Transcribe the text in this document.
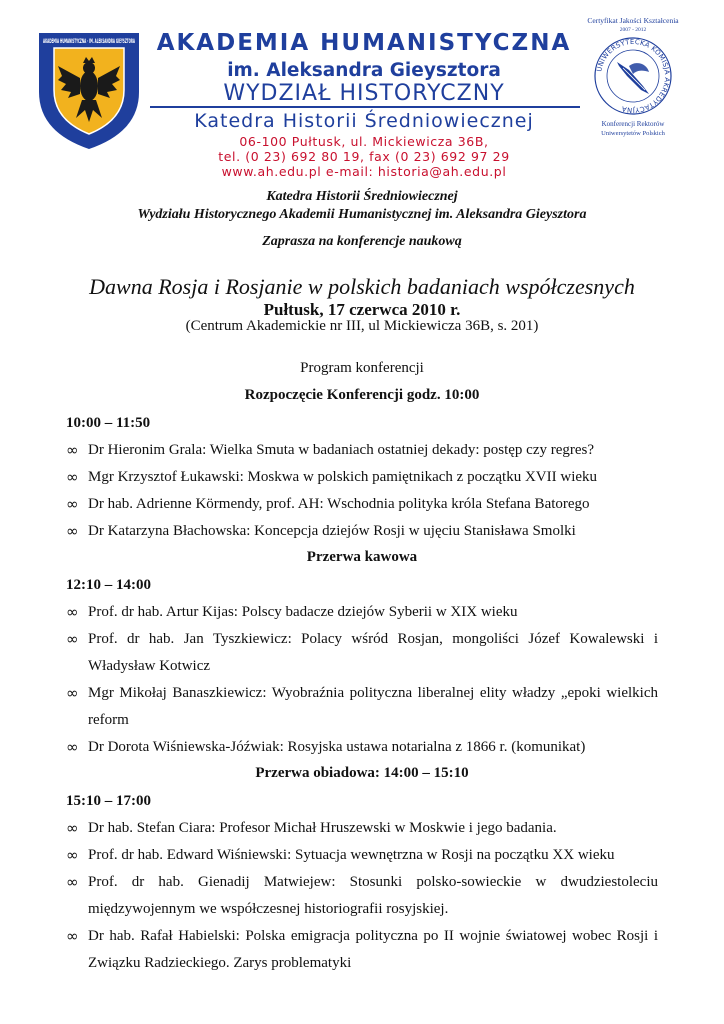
AKADEMIA HUMANISTYCZNA · IM. ALEKSANDRA GIEYSZTORA AKADEMIA HUMANISTYCZNA
im. Aleksandra Gieysztora
WYDZIAŁ HISTORYCZNY
Katedra Historii Średniowiecznej
06-100 Pułtusk, ul. Mickiewicza 36B,
tel. (0 23) 692 80 19, fax (0 23) 692 97 29
www.ah.edu.pl e-mail: historia@ah.edu.pl
Certyfikat Jakości Kształcenia
2007 - 2012
UNIWERSYTECKA KOMISJA AKREDYTACYJNA
Konferencji Rektorów
Uniwersytetów Polskich
Katedra Historii Średniowiecznej
Wydziału Historycznego Akademii Humanistycznej im. Aleksandra Gieysztora
Zaprasza na konferencje naukową
Dawna Rosja i Rosjanie w polskich badaniach współczesnych
Pułtusk, 17 czerwca 2010 r.
(Centrum Akademickie nr III, ul Mickiewicza 36B, s. 201)
Program konferencji
Rozpoczęcie Konferencji godz. 10:00
10:00 – 11:50
∞ Dr Hieronim Grala: Wielka Smuta w badaniach ostatniej dekady: postęp czy regres?
∞ Mgr Krzysztof Łukawski: Moskwa w polskich pamiętnikach z początku XVII wieku
∞ Dr hab. Adrienne Körmendy, prof. AH: Wschodnia polityka króla Stefana Batorego
∞ Dr Katarzyna Błachowska: Koncepcja dziejów Rosji w ujęciu Stanisława Smolki
Przerwa kawowa
12:10 – 14:00
∞ Prof. dr hab. Artur Kijas: Polscy badacze dziejów Syberii w XIX wieku
∞ Prof. dr hab. Jan Tyszkiewicz: Polacy wśród Rosjan, mongoliści Józef Kowalewski i Władysław Kotwicz
∞ Mgr Mikołaj Banaszkiewicz: Wyobraźnia polityczna liberalnej elity władzy „epoki wielkich reform
∞ Dr Dorota Wiśniewska-Jóźwiak: Rosyjska ustawa notarialna z 1866 r. (komunikat)
Przerwa obiadowa: 14:00 – 15:10
15:10 – 17:00
∞ Dr hab. Stefan Ciara: Profesor Michał Hruszewski w Moskwie i jego badania.
∞ Prof. dr hab. Edward Wiśniewski: Sytuacja wewnętrzna w Rosji na początku XX wieku
∞ Prof. dr hab. Gienadij Matwiejew: Stosunki polsko-sowieckie w dwudziestoleciu międzywojennym we współczesnej historiografii rosyjskiej.
∞ Dr hab. Rafał Habielski: Polska emigracja polityczna po II wojnie światowej wobec Rosji i Związku Radzieckiego. Zarys problematyki
